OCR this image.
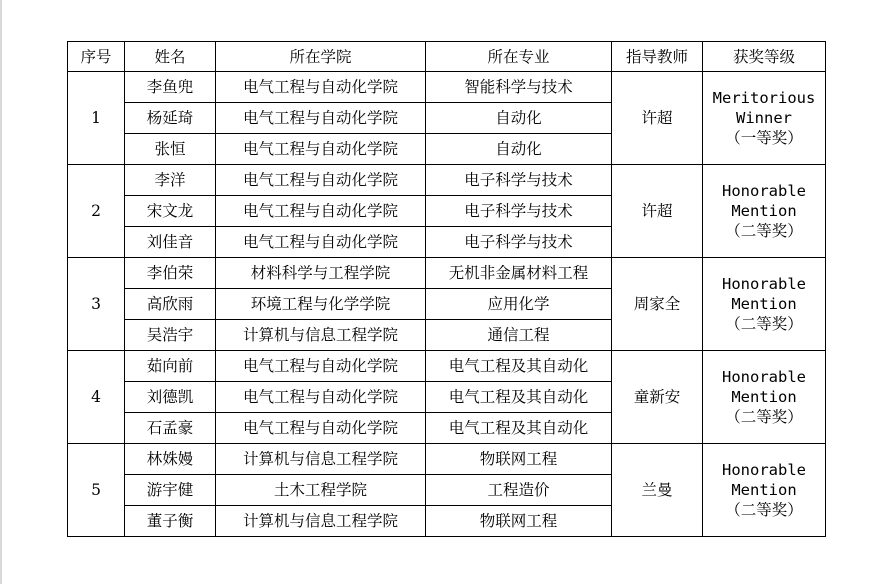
序号	姓名	所在学院	所在专业	指导教师	获奖等级
1	李鱼兜	电气工程与自动化学院	智能科学与技术	许超	Meritorious
Winner
（一等奖）

	杨延琦	电气工程与自动化学院	自动化		
	张恒	电气工程与自动化学院	自动化		
2	李洋	电气工程与自动化学院	电子科学与技术	许超	Honorable
Mention
（二等奖）

	宋文龙	电气工程与自动化学院	电子科学与技术		
	刘佳音	电气工程与自动化学院	电子科学与技术		
3	李伯荣	材料科学与工程学院	无机非金属材料工程	周家全	Honorable
Mention
（二等奖）

	高欣雨	环境工程与化学学院	应用化学		
	吴浩宇	计算机与信息工程学院	通信工程		
4	茹向前	电气工程与自动化学院	电气工程及其自动化	童新安	Honorable
Mention
（二等奖）

	刘德凯	电气工程与自动化学院	电气工程及其自动化		
	石孟豪	电气工程与自动化学院	电气工程及其自动化		
5	林姝嫚	计算机与信息工程学院	物联网工程	兰曼	Honorable
Mention
（二等奖）

	游宇健	土木工程学院	工程造价		
	董子衡	计算机与信息工程学院	物联网工程		
